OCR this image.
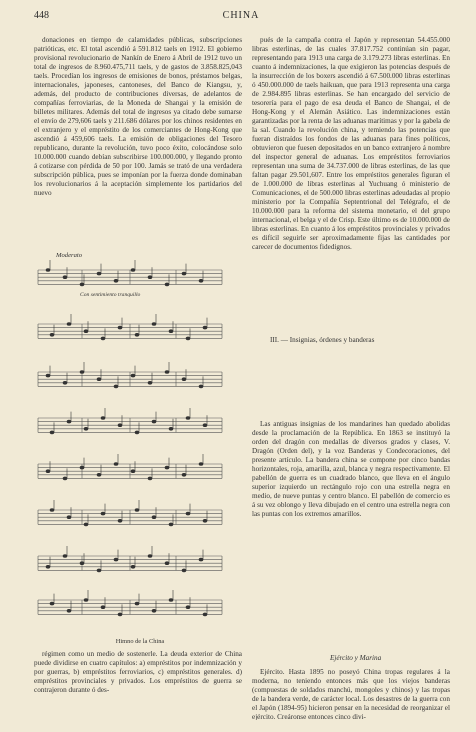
448	CHINA

donaciones en tiempo de calamidades públicas, subscripciones patrióticas, etc. El total ascendió á 591.812 taels en 1912. El gobierno provisional revolucionario de Nankín de Enero á Abril de 1912 tuvo un total de ingresos de 8.960.475,711 taels, y de gastos de 3.858.825,043 taels. Procedían los ingresos de emisiones de bonos, préstamos belgas, internacionales, japoneses, cantoneses, del Banco de Kiangsu, y, además, del producto de contribuciones diversas, de adelantos de compañías ferroviarias, de la Moneda de Shangai y la emisión de billetes militares. Además del total de ingresos ya citado debe sumarse el envío de 279,606 taels y 211.686 dólares por los chinos residentes en el extranjero y el empréstito de los comerciantes de Hong-Kong que ascendió á 459,606 taels. La emisión de obligaciones del Tesoro republicano, durante la revolución, tuvo poco éxito, colocándose solo 10.000.000 cuando debían subscribirse 100.000.000, y llegando pronto á cotizarse con pérdida de 50 por 100. Jamás se trató de una verdadera subscripción pública, pues se imponían por la fuerza donde dominaban los revolucionarios á la aceptación simplemente los partidarios del nuevo

pués de la campaña contra el Japón y representan 54.455.000 libras esterlinas, de las cuales 37.817.752 continúan sin pagar, representando para 1913 una carga de 3.179.273 libras esterlinas. En cuanto á indemnizaciones, la que exigieron las potencias después de la insurrección de los boxers ascendió á 67.500.000 libras esterlinas ó 450.000.000 de taels haikuan, que para 1913 representa una carga de 2.984.895 libras esterlinas. Se han encargado del servicio de tesorería para el pago de esa deuda el Banco de Shangai, el de Hong-Kong y el Alemán Asiático. Las indemnizaciones están garantizadas por la renta de las aduanas marítimas y por la gabela de la sal. Cuando la revolución china, y temiendo las potencias que fueran distraídos los fondos de las aduanas para fines políticos, obtuvieron que fuesen depositados en un banco extranjero á nombre del inspector general de aduanas. Los empréstitos ferroviarios representan una suma de 34.737.000 de libras esterlinas, de las que faltan pagar 29.501,607. Entre los empréstitos generales figuran el de 1.000.000 de libras esterlinas al Yuchuang ó ministerio de Comunicaciones, el de 500.000 libras esterlinas adeudadas al propio ministerio por la Compañía Septentrional del Telégrafo, el de 10.000.000 para la reforma del sistema monetario, el del grupo internacional, el belga y el de Crisp. Este último es de 10.000.000 de libras esterlinas. En cuanto á los empréstitos provinciales y privados es difícil seguirle ser aproximadamente fijas las cantidades por carecer de documentos fidedignos.

III. — Insignias, órdenes y banderas

Las antiguas insignias de los mandarines han quedado abolidas desde la proclamación de la República. En 1863 se instituyó la orden del dragón con medallas de diversos grados y clases, V. Dragón (Orden del), y la voz Banderas y Condecoraciones, del presente artículo. La bandera china se compone por cinco bandas horizontales, roja, amarilla, azul, blanca y negra respectivamente. El pabellón de guerra es un cuadrado blanco, que lleva en el ángulo superior izquierdo un rectángulo rojo con una estrella negra en medio, de nueve puntas y centro blanco. El pabellón de comercio es á su vez oblongo y lleva dibujado en el centro una estrella negra con las puntas con los extremos amarillos.

Ejército y Marina

Ejército. Hasta 1895 no poseyó China tropas regulares á la moderna, no teniendo entonces más que los viejos banderas (compuestas de soldados manchú, mongoles y chinos) y las tropas de la bandera verde, de carácter local. Los desastres de la guerra con el Japón (1894-95) hicieron pensar en la necesidad de reorganizar el ejército. Creáronse entonces cinco divi-

Moderato
Con sentimiento tranquillo
Himno de la China

régimen como un medio de sostenerle. La deuda exterior de China puede dividirse en cuatro capítulos: a) empréstitos por indemnización y por guerras, b) empréstitos ferroviarios, c) empréstitos generales. d) empréstitos provinciales y privados. Los empréstitos de guerra se contrajeron durante ó des-
